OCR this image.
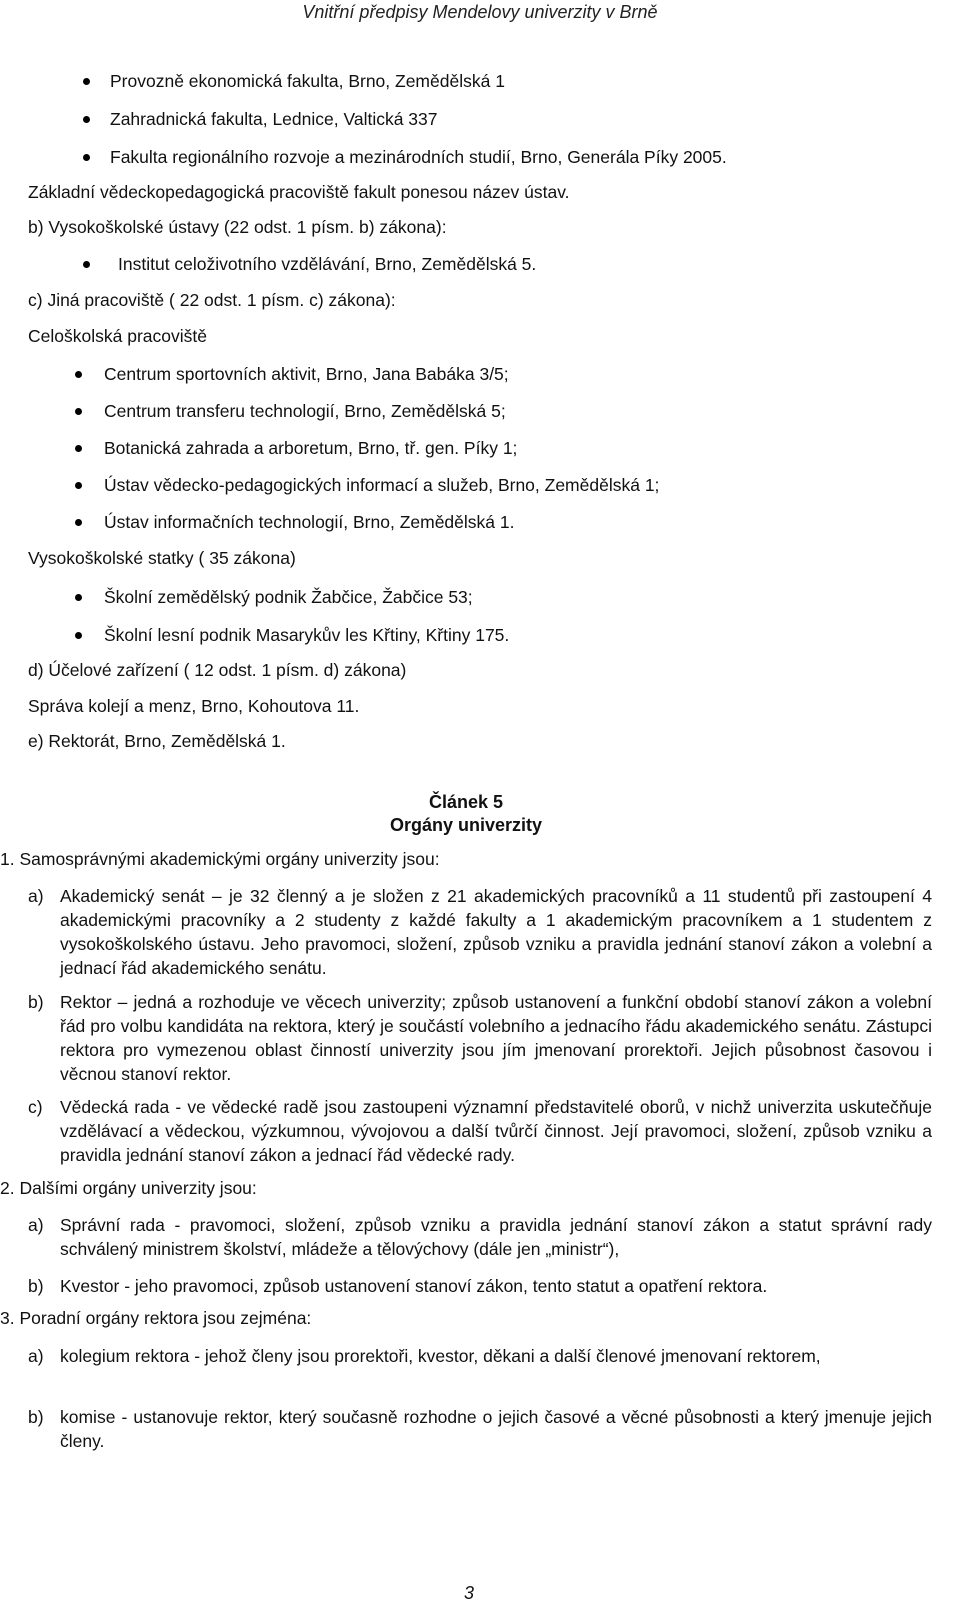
Vnitřní předpisy Mendelovy univerzity v Brně
Provozně ekonomická fakulta, Brno, Zemědělská 1
Zahradnická fakulta, Lednice, Valtická 337
Fakulta regionálního rozvoje a mezinárodních studií, Brno, Generála Píky 2005.
Základní vědeckopedagogická pracoviště fakult ponesou název ústav.
b) Vysokoškolské ústavy (22 odst. 1 písm. b) zákona):
Institut celoživotního vzdělávání, Brno, Zemědělská 5.
c) Jiná pracoviště ( 22 odst. 1 písm. c) zákona):
Celoškolská pracoviště
Centrum sportovních aktivit, Brno, Jana Babáka 3/5;
Centrum transferu technologií, Brno, Zemědělská 5;
Botanická zahrada a arboretum, Brno, tř. gen. Píky 1;
Ústav vědecko-pedagogických informací a služeb, Brno, Zemědělská 1;
Ústav informačních technologií, Brno, Zemědělská 1.
Vysokoškolské statky ( 35 zákona)
Školní zemědělský podnik Žabčice, Žabčice 53;
Školní lesní podnik Masarykův les Křtiny, Křtiny 175.
d) Účelové zařízení ( 12 odst. 1 písm. d) zákona)
Správa kolejí a menz, Brno, Kohoutova 11.
e) Rektorát, Brno, Zemědělská 1.
Článek 5
Orgány univerzity
1. Samosprávnými akademickými orgány univerzity jsou:
a) Akademický senát – je 32 členný a je složen z 21 akademických pracovníků a 11 studentů při zastoupení 4 akademickými pracovníky a 2 studenty z každé fakulty a 1 akademickým pracovníkem a 1 studentem z vysokoškolského ústavu. Jeho pravomoci, složení, způsob vzniku a pravidla jednání stanoví zákon a volební a jednací řád akademického senátu.
b) Rektor – jedná a rozhoduje ve věcech univerzity; způsob ustanovení a funkční období stanoví zákon a volební řád pro volbu kandidáta na rektora, který je součástí volebního a jednacího řádu akademického senátu. Zástupci rektora pro vymezenou oblast činností univerzity jsou jím jmenovaní prorektoři. Jejich působnost časovou i věcnou stanoví rektor.
c) Vědecká rada - ve vědecké radě jsou zastoupeni významní představitelé oborů, v nichž univerzita uskutečňuje vzdělávací a vědeckou, výzkumnou, vývojovou a další tvůrčí činnost. Její pravomoci, složení, způsob vzniku a pravidla jednání stanoví zákon a jednací řád vědecké rady.
2. Dalšími orgány univerzity jsou:
a) Správní rada - pravomoci, složení, způsob vzniku a pravidla jednání stanoví zákon a statut správní rady schválený ministrem školství, mládeže a tělovýchovy (dále jen „ministr“),
b) Kvestor - jeho pravomoci, způsob ustanovení stanoví zákon, tento statut a opatření rektora.
3. Poradní orgány rektora jsou zejména:
a) kolegium rektora - jehož členy jsou prorektoři, kvestor, děkani a další členové jmenovaní rektorem,
b) komise - ustanovuje rektor, který současně rozhodne o jejich časové a věcné působnosti a který jmenuje jejich členy.
3
